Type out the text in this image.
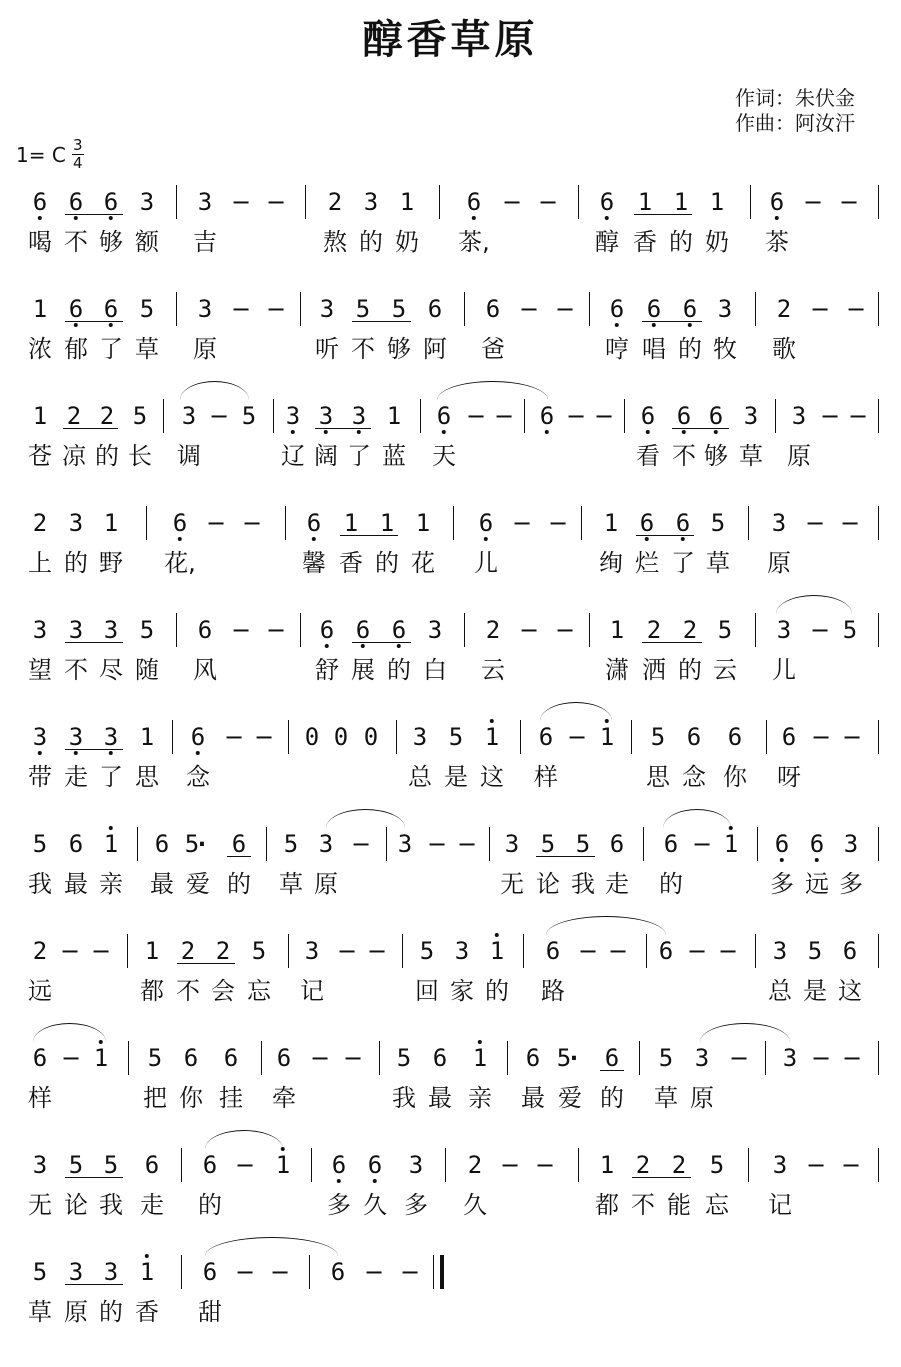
醇香草原
作词：朱伏金
作曲：阿汝汗
1= C $\frac{3}{4}$
6 6 6 3 3 − − 2 3 1 6 − − 6 1 1 1 6 − −
喝 不 够 额 吉	熬 的 奶 茶,	醇 香 的 奶 茶
1 6 6 5 3 − − 3 5 5 6 6 − − 6 6 6 3 2 − −
浓 郁 了 草 原	听 不 够 阿 爸	哼 唱 的 牧 歌
1 2 2 5 3 − 5 3 3 3 1 6 − − 6 − − 6 6 6 3 3 − −
苍 凉 的 长 调	辽 阔 了 蓝 天	看 不 够 草 原
2 3 1 6 − − 6 1 1 1 6 − − 1 6 6 5 3 − −
上 的 野 花,	馨 香 的 花 儿	绚 烂 了 草 原
3 3 3 5 6 − − 6 6 6 3 2 − − 1 2 2 5 3 − 5
望 不 尽 随 风	舒 展 的 白 云	潇 洒 的 云 儿
3 3 3 1 6 − − 0 0 0 3 5 1 6 − 1 5 6 6 6 − −
带 走 了 思 念	总 是 这 样	思 念 你 呀
5 6 1 6 5 · 6 5 3 − 3 − − 3 5 5 6 6 − 1 6 6 3
我 最 亲 最 爱 的 草 原	无 论 我 走 的	多 远 多
2 − − 1 2 2 5 3 − − 5 3 1 6 − − 6 − − 3 5 6
远	都 不 会 忘 记	回 家 的 路	总 是 这
6 − 1 5 6 6 6 − − 5 6 1 6 5 · 6 5 3 − 3 − −
样	把 你 挂 牵	我 最 亲 最 爱 的 草 原
3 5 5 6 6 − 1 6 6 3 2 − − 1 2 2 5 3 − −
无 论 我 走 的	多 久 多 久	都 不 能 忘 记
5 3 3 1 6 − − 6 − −
草 原 的 香 甜
